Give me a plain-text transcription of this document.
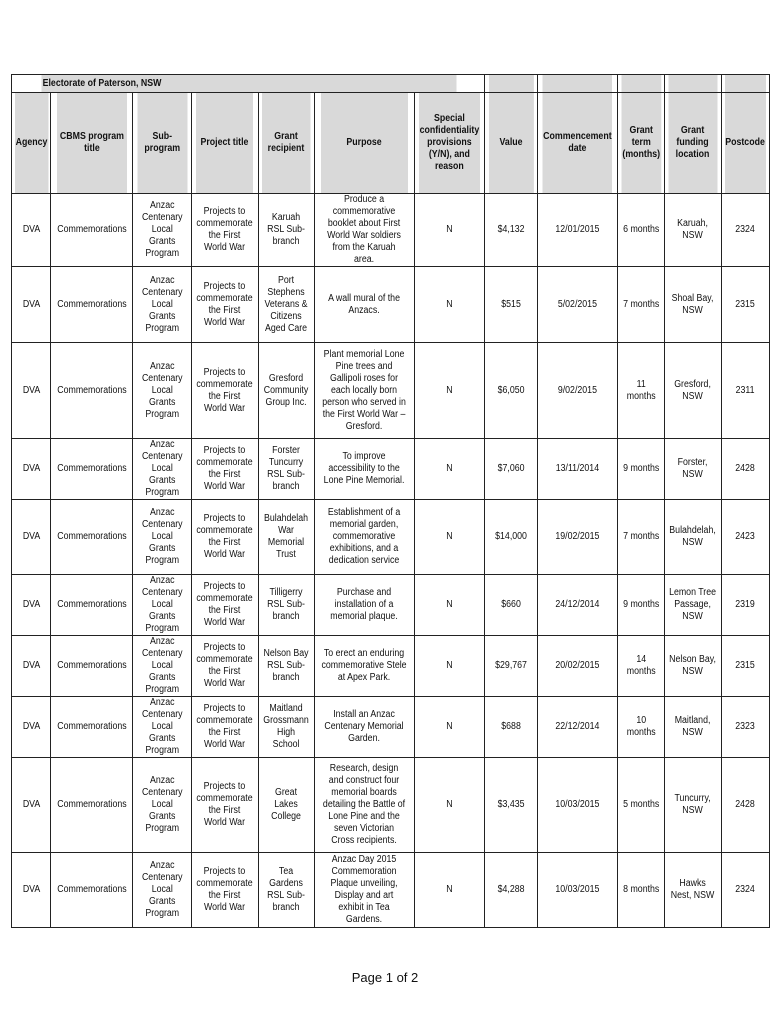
Electorate of Paterson, NSW											
Agency	CBMS program title	Sub-program	Project title	Grant recipient	Purpose	Special confidentiality provisions (Y/N), and reason	Value	Commencement date	Grant term (months)	Grant funding location	Postcode
DVA	Commemorations	Anzac Centenary Local Grants Program	Projects to commemorate the First World War	Karuah RSL Sub-branch	Produce a commemorative booklet about First World War soldiers from the Karuah area.	N	$4,132	12/01/2015	6 months	Karuah, NSW	2324
DVA	Commemorations	Anzac Centenary Local Grants Program	Projects to commemorate the First World War	Port Stephens Veterans & Citizens Aged Care	A wall mural of the Anzacs.	N	$515	5/02/2015	7 months	Shoal Bay, NSW	2315
DVA	Commemorations	Anzac Centenary Local Grants Program	Projects to commemorate the First World War	Gresford Community Group Inc.	Plant memorial Lone Pine trees and Gallipoli roses for each locally born person who served in the First World War – Gresford.	N	$6,050	9/02/2015	11 months	Gresford, NSW	2311
DVA	Commemorations	Anzac Centenary Local Grants Program	Projects to commemorate the First World War	Forster Tuncurry RSL Sub-branch	To improve accessibility to the Lone Pine Memorial.	N	$7,060	13/11/2014	9 months	Forster, NSW	2428
DVA	Commemorations	Anzac Centenary Local Grants Program	Projects to commemorate the First World War	Bulahdelah War Memorial Trust	Establishment of a memorial garden, commemorative exhibitions, and a dedication service	N	$14,000	19/02/2015	7 months	Bulahdelah, NSW	2423
DVA	Commemorations	Anzac Centenary Local Grants Program	Projects to commemorate the First World War	Tilligerry RSL Sub-branch	Purchase and installation of a memorial plaque.	N	$660	24/12/2014	9 months	Lemon Tree Passage, NSW	2319
DVA	Commemorations	Anzac Centenary Local Grants Program	Projects to commemorate the First World War	Nelson Bay RSL Sub-branch	To erect an enduring commemorative Stele at Apex Park.	N	$29,767	20/02/2015	14 months	Nelson Bay, NSW	2315
DVA	Commemorations	Anzac Centenary Local Grants Program	Projects to commemorate the First World War	Maitland Grossmann High School	Install an Anzac Centenary Memorial Garden.	N	$688	22/12/2014	10 months	Maitland, NSW	2323
DVA	Commemorations	Anzac Centenary Local Grants Program	Projects to commemorate the First World War	Great Lakes College	Research, design and construct four memorial boards detailing the Battle of Lone Pine and the seven Victorian Cross recipients.	N	$3,435	10/03/2015	5 months	Tuncurry, NSW	2428
DVA	Commemorations	Anzac Centenary Local Grants Program	Projects to commemorate the First World War	Tea Gardens RSL Sub-branch	Anzac Day 2015 Commemoration Plaque unveiling, Display and art exhibit in Tea Gardens.	N	$4,288	10/03/2015	8 months	Hawks Nest, NSW	2324
Page 1 of 2
